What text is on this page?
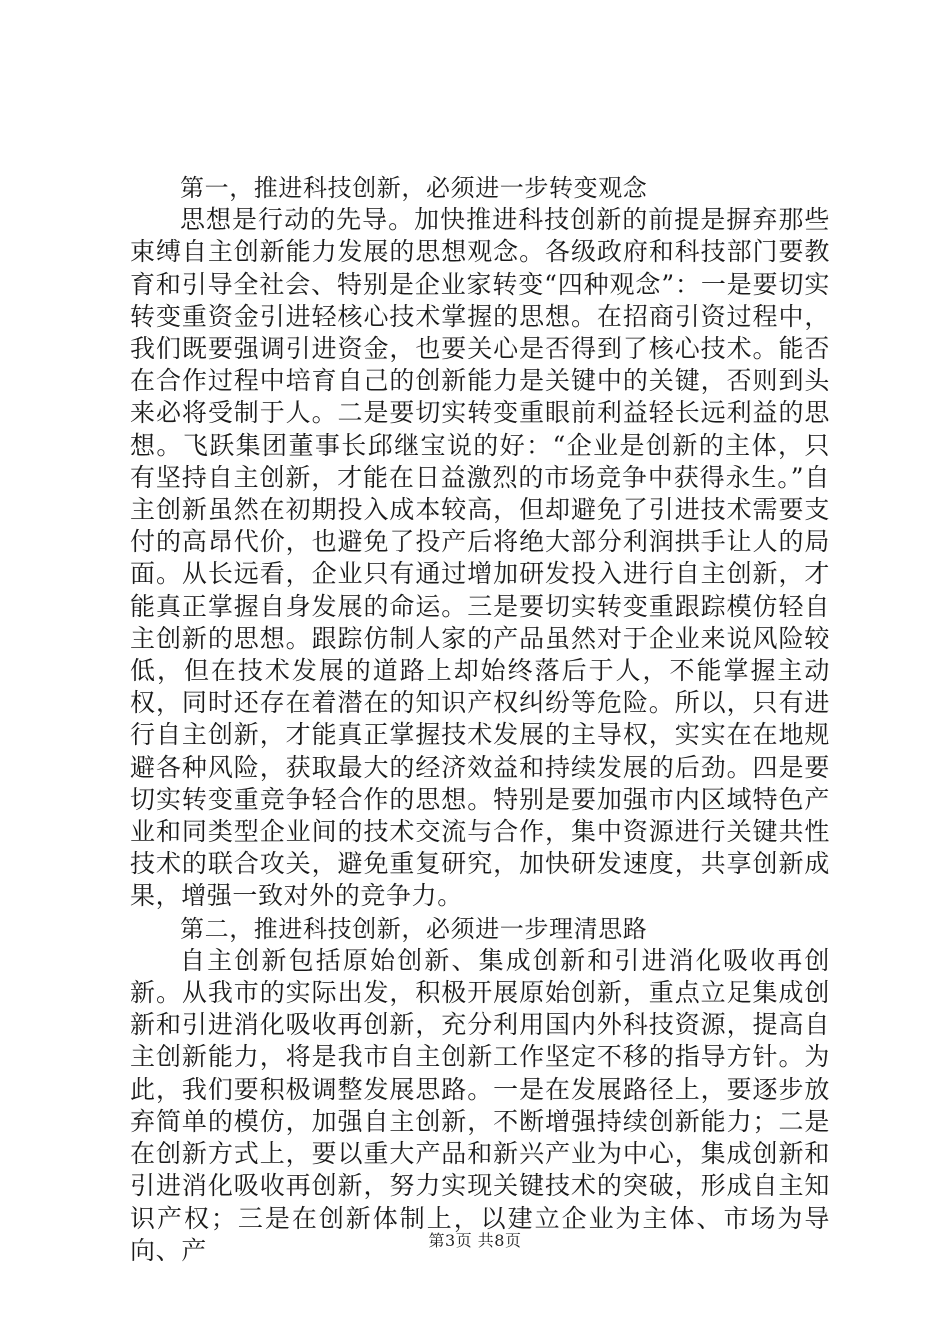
第一，推进科技创新，必须进一步转变观念

思想是行动的先导。加快推进科技创新的前提是摒弃那些束缚自主创新能力发展的思想观念。各级政府和科技部门要教育和引导全社会、特别是企业家转变“四种观念”：一是要切实转变重资金引进轻核心技术掌握的思想。在招商引资过程中，我们既要强调引进资金，也要关心是否得到了核心技术。能否在合作过程中培育自己的创新能力是关键中的关键，否则到头来必将受制于人。二是要切实转变重眼前利益轻长远利益的思想。飞跃集团董事长邱继宝说的好：“企业是创新的主体，只有坚持自主创新，才能在日益激烈的市场竞争中获得永生。”自主创新虽然在初期投入成本较高，但却避免了引进技术需要支付的高昂代价，也避免了投产后将绝大部分利润拱手让人的局面。从长远看，企业只有通过增加研发投入进行自主创新，才能真正掌握自身发展的命运。三是要切实转变重跟踪模仿轻自主创新的思想。跟踪仿制人家的产品虽然对于企业来说风险较低，但在技术发展的道路上却始终落后于人，不能掌握主动权，同时还存在着潜在的知识产权纠纷等危险。所以，只有进行自主创新，才能真正掌握技术发展的主导权，实实在在地规避各种风险，获取最大的经济效益和持续发展的后劲。四是要切实转变重竞争轻合作的思想。特别是要加强市内区域特色产业和同类型企业间的技术交流与合作，集中资源进行关键共性技术的联合攻关，避免重复研究，加快研发速度，共享创新成果，增强一致对外的竞争力。

第二，推进科技创新，必须进一步理清思路

自主创新包括原始创新、集成创新和引进消化吸收再创新。从我市的实际出发，积极开展原始创新，重点立足集成创新和引进消化吸收再创新，充分利用国内外科技资源，提高自主创新能力，将是我市自主创新工作坚定不移的指导方针。为此，我们要积极调整发展思路。一是在发展路径上，要逐步放弃简单的模仿，加强自主创新，不断增强持续创新能力；二是在创新方式上，要以重大产品和新兴产业为中心，集成创新和引进消化吸收再创新，努力实现关键技术的突破，形成自主知识产权；三是在创新体制上，以建立企业为主体、市场为导向、产	第3页 共8页
